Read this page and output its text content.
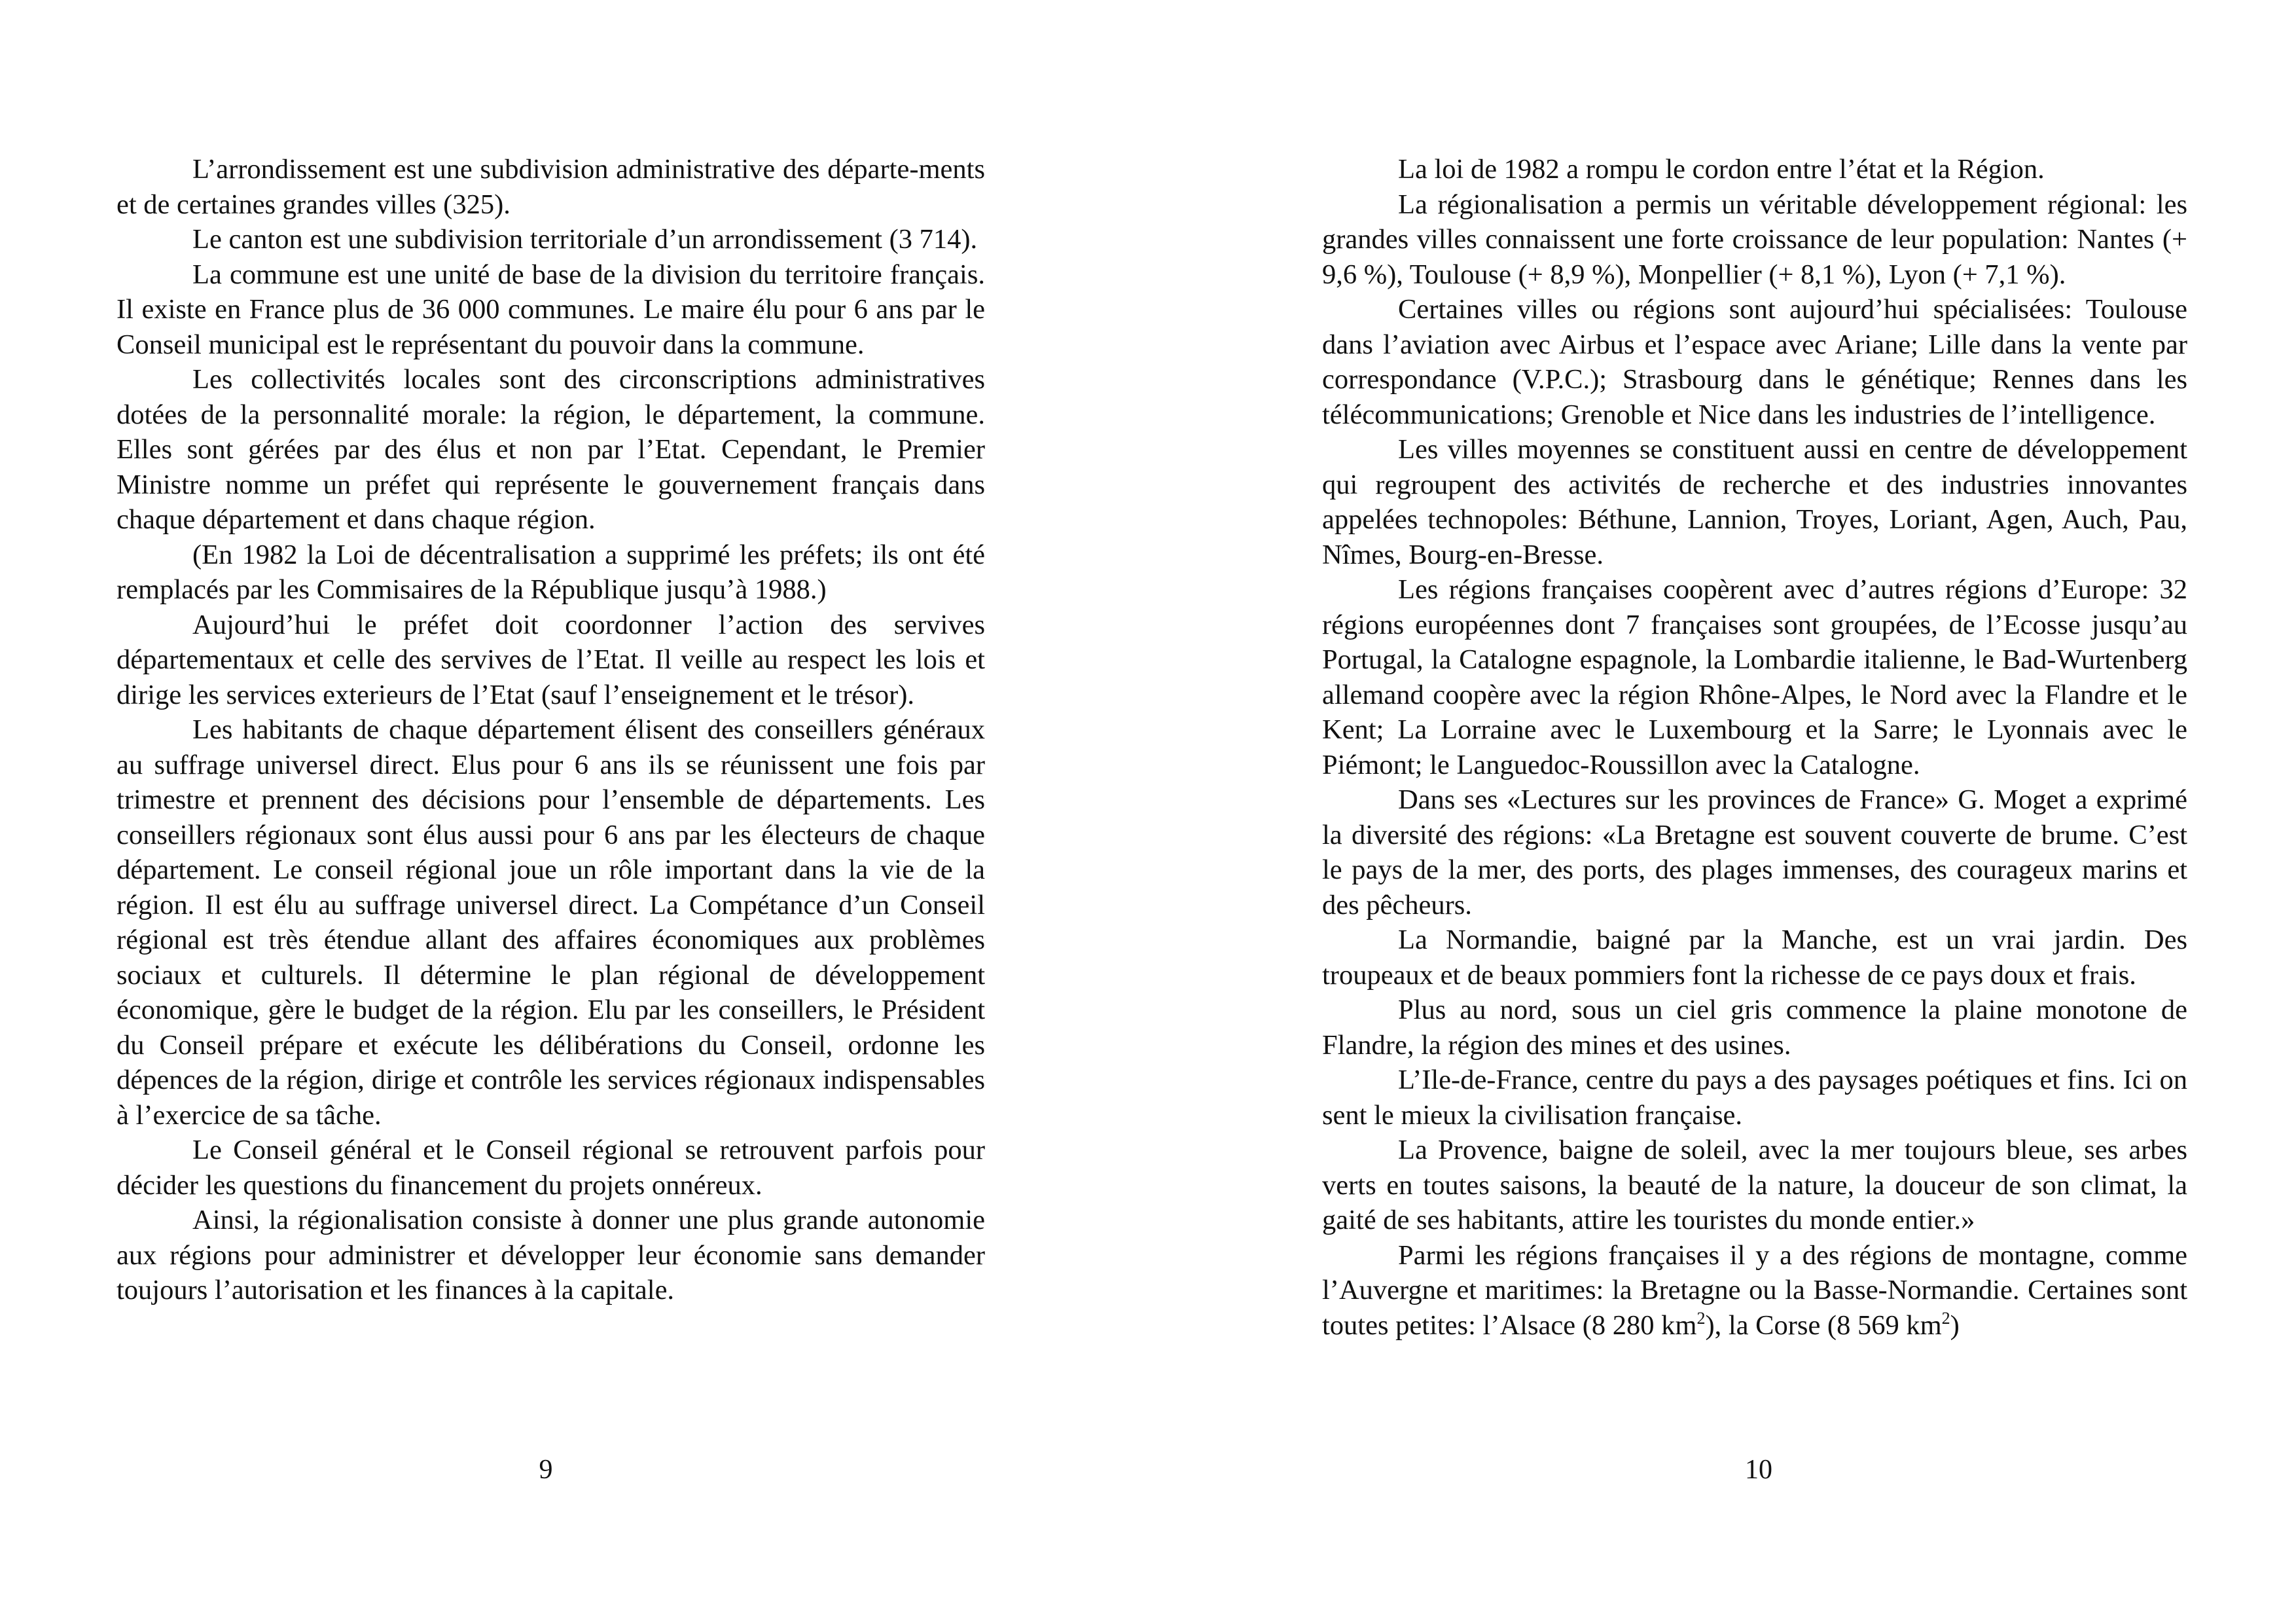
L’arrondissement est une subdivision administrative des départe-ments et de certaines grandes villes (325).

Le canton est une subdivision territoriale d’un arrondissement (3 714).

La commune est une unité de base de la division du territoire français. Il existe en France plus de 36 000 communes. Le maire élu pour 6 ans par le Conseil municipal est le représentant du pouvoir dans la commune.

Les collectivités locales sont des circonscriptions administratives dotées de la personnalité morale: la région, le département, la commune. Elles sont gérées par des élus et non par l’Etat. Cependant, le Premier Ministre nomme un préfet qui représente le gouvernement français dans chaque département et dans chaque région.

(En 1982 la Loi de décentralisation a supprimé les préfets; ils ont été remplacés par les Commisaires de la République jusqu’à 1988.)

Aujourd’hui le préfet doit coordonner l’action des servives départementaux et celle des servives de l’Etat. Il veille au respect les lois et dirige les services exterieurs de l’Etat (sauf l’enseignement et le trésor).

Les habitants de chaque département élisent des conseillers généraux au suffrage universel direct. Elus pour 6 ans ils se réunissent une fois par trimestre et prennent des décisions pour l’ensemble de départements. Les conseillers régionaux sont élus aussi pour 6 ans par les électeurs de chaque département. Le conseil régional joue un rôle important dans la vie de la région. Il est élu au suffrage universel direct. La Compétance d’un Conseil régional est très étendue allant des affaires économiques aux problèmes sociaux et culturels. Il détermine le plan régional de développement économique, gère le budget de la région. Elu par les conseillers, le Président du Conseil prépare et exécute les délibérations du Conseil, ordonne les dépences de la région, dirige et contrôle les services régionaux indispensables à l’exercice de sa tâche.

Le Conseil général et le Conseil régional se retrouvent parfois pour décider les questions du financement du projets onnéreux.

Ainsi, la régionalisation consiste à donner une plus grande autonomie aux régions pour administrer et développer leur économie sans demander toujours l’autorisation et les finances à la capitale.

9

La loi de 1982 a rompu le cordon entre l’état et la Région.

La régionalisation a permis un véritable développement régional: les grandes villes connaissent une forte croissance de leur population: Nantes (+ 9,6 %), Toulouse (+ 8,9 %), Monpellier (+ 8,1 %), Lyon (+ 7,1 %).

Certaines villes ou régions sont aujourd’hui spécialisées: Toulouse dans l’aviation avec Airbus et l’espace avec Ariane; Lille dans la vente par correspondance (V.P.C.); Strasbourg dans le génétique; Rennes dans les télécommunications; Grenoble et Nice dans les industries de l’intelligence.

Les villes moyennes se constituent aussi en centre de développement qui regroupent des activités de recherche et des industries innovantes appelées technopoles: Béthune, Lannion, Troyes, Loriant, Agen, Auch, Pau, Nîmes, Bourg-en-Bresse.

Les régions françaises coopèrent avec d’autres régions d’Europe: 32 régions européennes dont 7 françaises sont groupées, de l’Ecosse jusqu’au Portugal, la Catalogne espagnole, la Lombardie italienne, le Bad-Wurtenberg allemand coopère avec la région Rhône-Alpes, le Nord avec la Flandre et le Kent; La Lorraine avec le Luxembourg et la Sarre; le Lyonnais avec le Piémont; le Languedoc-Roussillon avec la Catalogne.

Dans ses «Lectures sur les provinces de France» G. Moget a exprimé la diversité des régions: «La Bretagne est souvent couverte de brume. C’est le pays de la mer, des ports, des plages immenses, des courageux marins et des pêcheurs.

La Normandie, baigné par la Manche, est un vrai jardin. Des troupeaux et de beaux pommiers font la richesse de ce pays doux et frais.

Plus au nord, sous un ciel gris commence la plaine monotone de Flandre, la région des mines et des usines.

L’Ile-de-France, centre du pays a des paysages poétiques et fins. Ici on sent le mieux la civilisation française.

La Provence, baigne de soleil, avec la mer toujours bleue, ses arbes verts en toutes saisons, la beauté de la nature, la douceur de son climat, la gaité de ses habitants, attire les touristes du monde entier.»

Parmi les régions françaises il y a des régions de montagne, comme l’Auvergne et maritimes: la Bretagne ou la Basse-Normandie. Certaines sont toutes petites: l’Alsace (8 280 $km^2$), la Corse (8 569 $km^2$)

10
